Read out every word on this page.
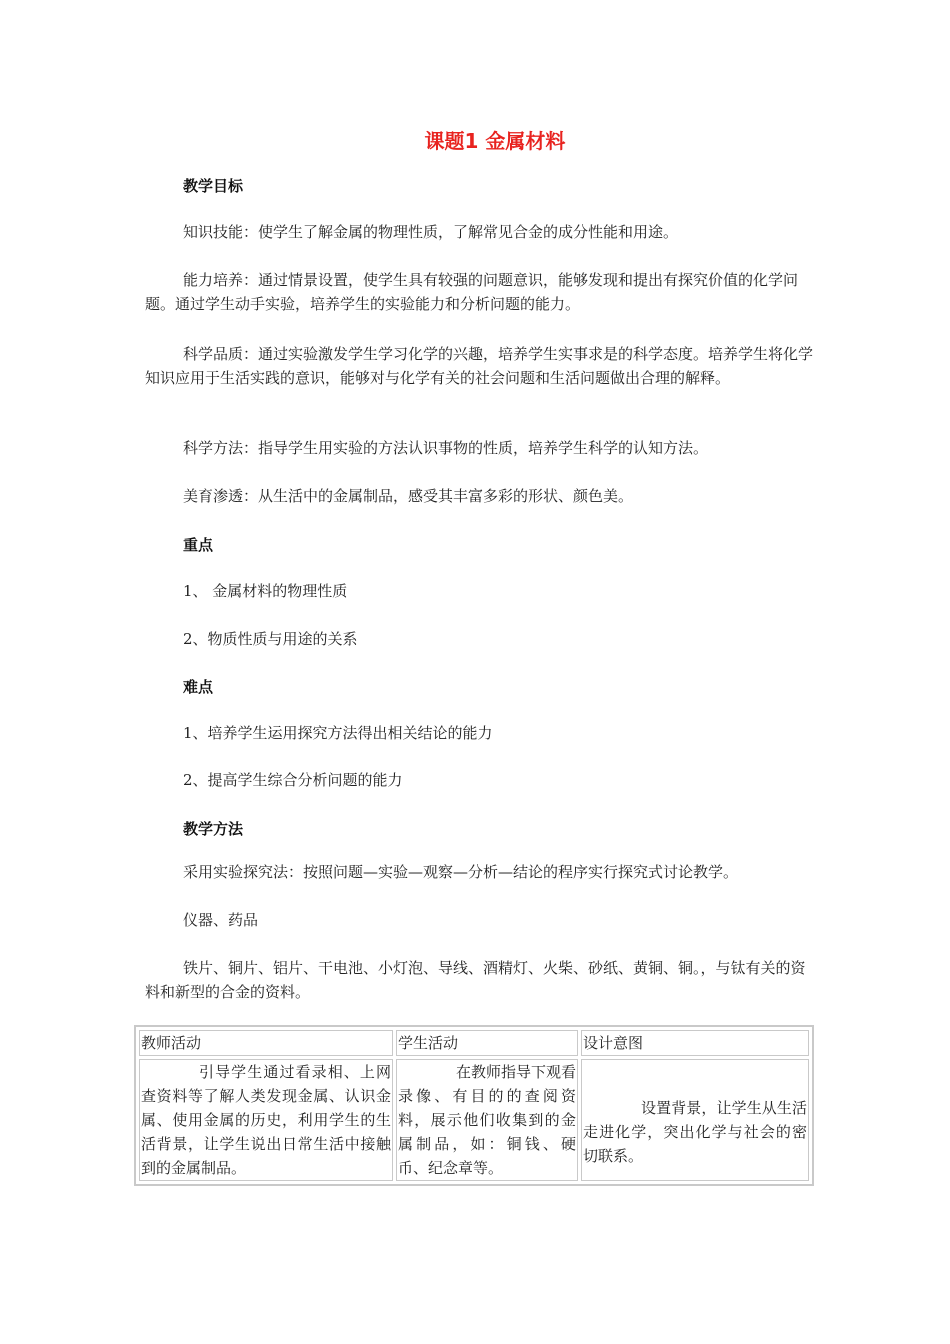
课题1 金属材料
教学目标

知识技能：使学生了解金属的物理性质，了解常见合金的成分性能和用途。

能力培养：通过情景设置，使学生具有较强的问题意识，能够发现和提出有探究价值的化学问题。通过学生动手实验，培养学生的实验能力和分析问题的能力。

科学品质：通过实验激发学生学习化学的兴趣，培养学生实事求是的科学态度。培养学生将化学知识应用于生活实践的意识，能够对与化学有关的社会问题和生活问题做出合理的解释。

科学方法：指导学生用实验的方法认识事物的性质，培养学生科学的认知方法。

美育渗透：从生活中的金属制品，感受其丰富多彩的形状、颜色美。

重点
1、 金属材料的物理性质
2、物质性质与用途的关系
难点
1、培养学生运用探究方法得出相关结论的能力
2、提高学生综合分析问题的能力
教学方法

采用实验探究法：按照问题—实验—观察—分析—结论的程序实行探究式讨论教学。

仪器、药品

铁片、铜片、铝片、干电池、小灯泡、导线、酒精灯、火柴、砂纸、黄铜、铜。，与钛有关的资料和新型的合金的资料。

教师活动	学生活动	设计意图

引导学生通过看录相、上网查资料等了解人类发现金属、认识金属、使用金属的历史，利用学生的生活背景，让学生说出日常生活中接触到的金属制品。	在教师指导下观看录像、有目的的查阅资料，展示他们收集到的金属制品，如：铜钱、硬币、纪念章等。	设置背景，让学生从生活走进化学，突出化学与社会的密切联系。
